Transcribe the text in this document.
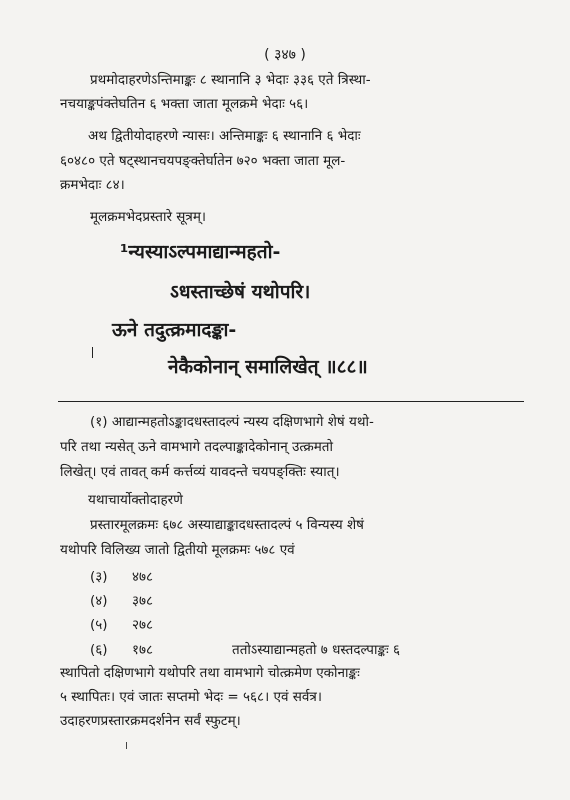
( ३४७ )
प्रथमोदाहरणेऽन्तिमाङ्कः ८ स्थानानि ३ भेदाः ३३६ एते त्रिस्था-
नचयाङ्कपंक्तेघतिन ६ भक्ता जाता मूलक्रमे भेदाः ५६।
अथ द्वितीयोदाहरणे न्यासः। अन्तिमाङ्कः ६ स्थानानि ६ भेदाः
६०४८० एते षट्स्थानचयपङ्क्तेर्घातेन ७२० भक्ता जाता मूल-
क्रमभेदाः ८४।
मूलक्रमभेदप्रस्तारे सूत्रम्।
¹न्यस्याऽल्पमाद्यान्महतो-
ऽधस्ताच्छेषं यथोपरि।
ऊने तदुत्क्रमादङ्का-
नेकैकोनान् समालिखेत् ॥८८॥
(१) आद्यान्महतोऽङ्कादधस्तादल्पं न्यस्य दक्षिणभागे शेषं यथो-
परि तथा न्यसेत् ऊने वामभागे तदल्पाङ्कादेकोनान् उत्क्रमतो
लिखेत्। एवं तावत् कर्म कर्त्तव्यं यावदन्ते चयपङ्क्तिः स्यात्।
यथाचार्योक्तोदाहरणे
प्रस्तारमूलक्रमः ६७८ अस्याद्याङ्कादधस्तादल्पं ५ विन्यस्य शेषं
यथोपरि विलिख्य जातो द्वितीयो मूलक्रमः ५७८ एवं
(३) ४७८
(४) ३७८
(५) २७८
(६) १७८	ततोऽस्याद्यान्महतो ७ धस्तदल्पाङ्कः ६
स्थापितो दक्षिणभागे यथोपरि तथा वामभागे चोत्क्रमेण एकोनाङ्कः
५ स्थापितः। एवं जातः सप्तमो भेदः = ५६८। एवं सर्वत्र।
उदाहरणप्रस्तारक्रमदर्शनेन सर्वं स्फुटम्।
